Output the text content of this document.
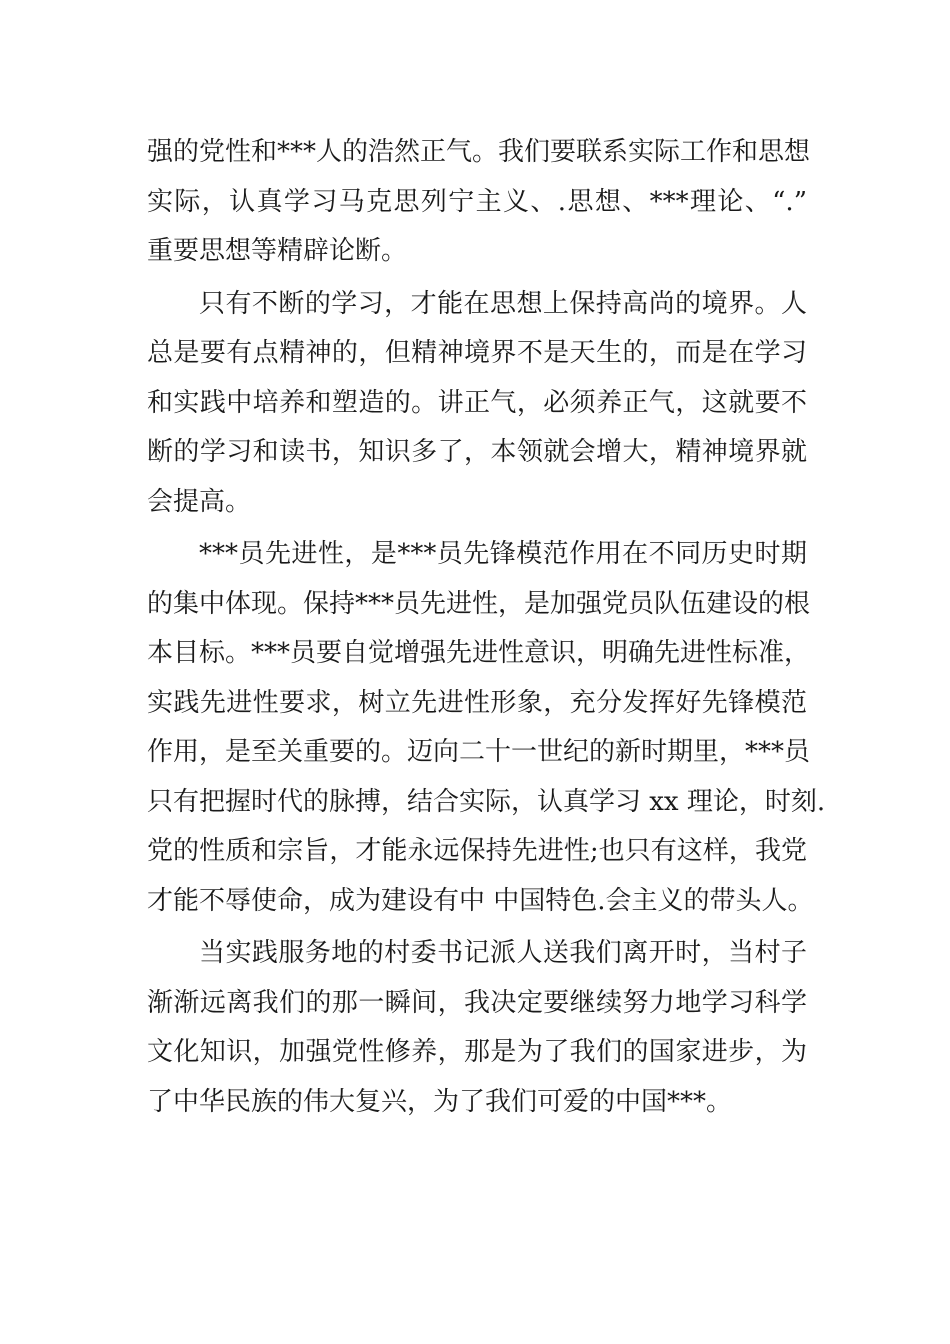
强的党性和***人的浩然正气。我们要联系实际工作和思想
实际，认真学习马克思列宁主义、.思想、***理论、“.”
重要思想等精辟论断。
只有不断的学习，才能在思想上保持高尚的境界。人
总是要有点精神的，但精神境界不是天生的，而是在学习
和实践中培养和塑造的。讲正气，必须养正气，这就要不
断的学习和读书，知识多了，本领就会增大，精神境界就
会提高。
***员先进性，是***员先锋模范作用在不同历史时期
的集中体现。保持***员先进性，是加强党员队伍建设的根
本目标。***员要自觉增强先进性意识，明确先进性标准，
实践先进性要求，树立先进性形象，充分发挥好先锋模范
作用，是至关重要的。迈向二十一世纪的新时期里，***员
只有把握时代的脉搏，结合实际，认真学习 xx 理论，时刻.
党的性质和宗旨，才能永远保持先进性;也只有这样，我党
才能不辱使命，成为建设有中 中国特色.会主义的带头人。
当实践服务地的村委书记派人送我们离开时，当村子
渐渐远离我们的那一瞬间，我决定要继续努力地学习科学
文化知识，加强党性修养，那是为了我们的国家进步，为
了中华民族的伟大复兴，为了我们可爱的中国***。
